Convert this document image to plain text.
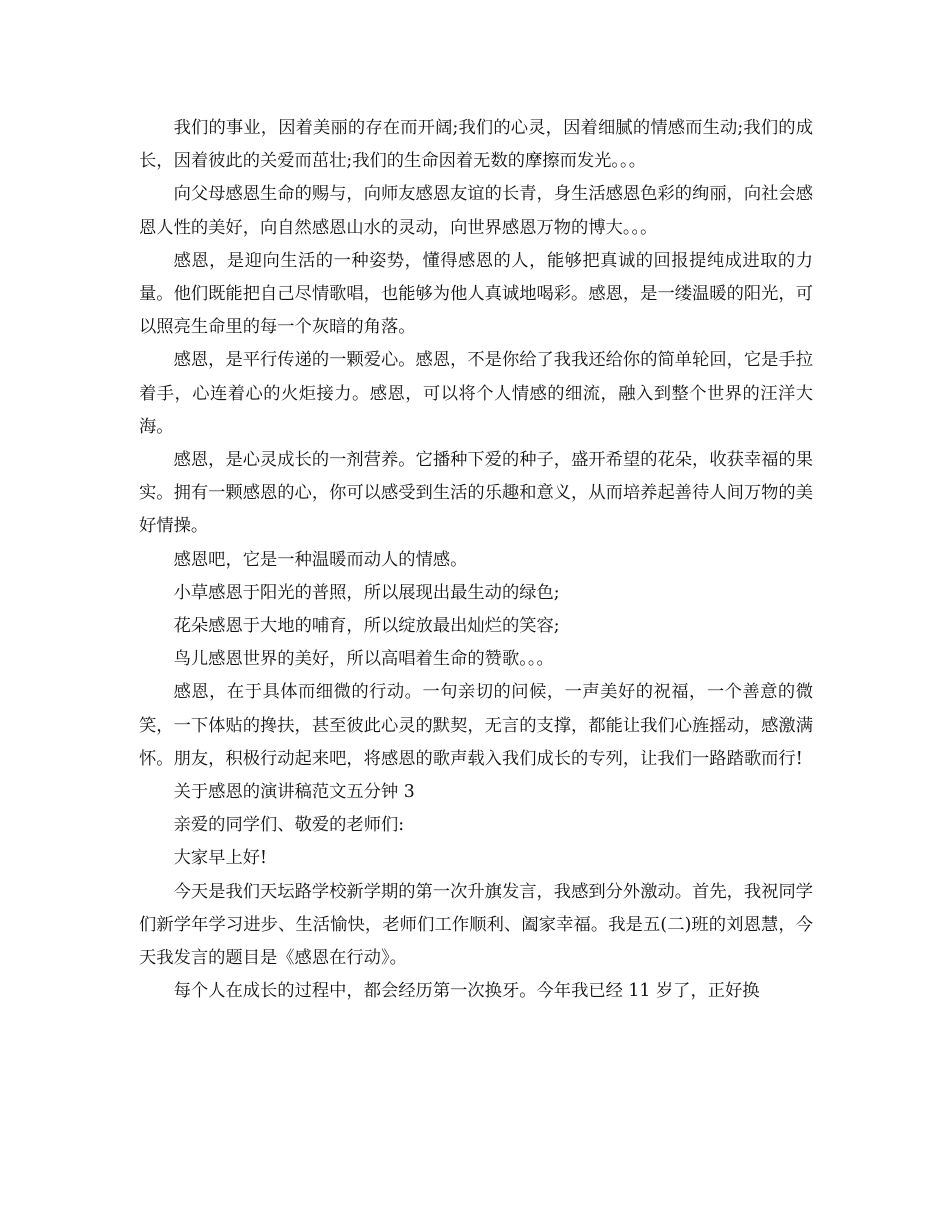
我们的事业，因着美丽的存在而开阔;我们的心灵，因着细腻的情感而生动;我们的成长，因着彼此的关爱而茁壮;我们的生命因着无数的摩擦而发光。。。

向父母感恩生命的赐与，向师友感恩友谊的长青，身生活感恩色彩的绚丽，向社会感恩人性的美好，向自然感恩山水的灵动，向世界感恩万物的博大。。。

感恩，是迎向生活的一种姿势，懂得感恩的人，能够把真诚的回报提纯成进取的力量。他们既能把自己尽情歌唱，也能够为他人真诚地喝彩。感恩，是一缕温暖的阳光，可以照亮生命里的每一个灰暗的角落。

感恩，是平行传递的一颗爱心。感恩，不是你给了我我还给你的简单轮回，它是手拉着手，心连着心的火炬接力。感恩，可以将个人情感的细流，融入到整个世界的汪洋大海。

感恩，是心灵成长的一剂营养。它播种下爱的种子，盛开希望的花朵，收获幸福的果实。拥有一颗感恩的心，你可以感受到生活的乐趣和意义，从而培养起善待人间万物的美好情操。

感恩吧，它是一种温暖而动人的情感。

小草感恩于阳光的普照，所以展现出最生动的绿色;

花朵感恩于大地的哺育，所以绽放最出灿烂的笑容;

鸟儿感恩世界的美好，所以高唱着生命的赞歌。。。

感恩，在于具体而细微的行动。一句亲切的问候，一声美好的祝福，一个善意的微笑，一下体贴的搀扶，甚至彼此心灵的默契，无言的支撑，都能让我们心旌摇动，感激满怀。朋友，积极行动起来吧，将感恩的歌声载入我们成长的专列，让我们一路踏歌而行!

关于感恩的演讲稿范文五分钟 3

亲爱的同学们、敬爱的老师们:

大家早上好!

今天是我们天坛路学校新学期的第一次升旗发言，我感到分外激动。首先，我祝同学们新学年学习进步、生活愉快，老师们工作顺利、阖家幸福。我是五(二)班的刘恩慧，今天我发言的题目是《感恩在行动》。

每个人在成长的过程中，都会经历第一次换牙。今年我已经 11 岁了，正好换
